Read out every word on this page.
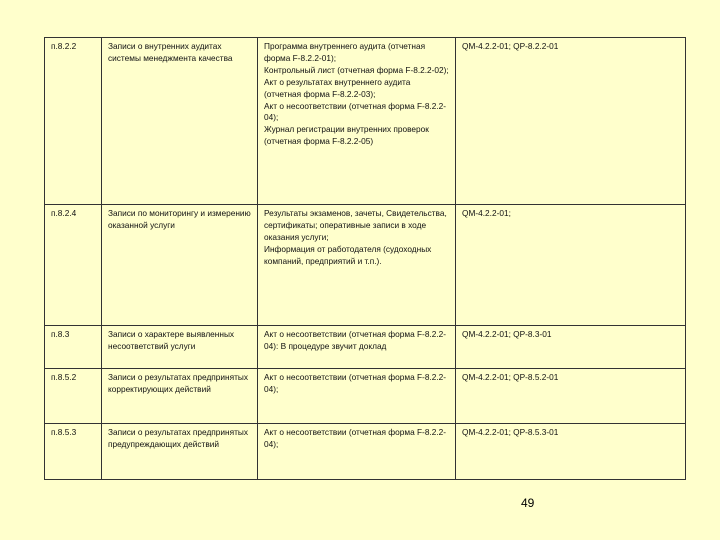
п.8.2.2	Записи о внутренних аудитах системы менеджмента качества	Программа внутреннего аудита (отчетная форма F-8.2.2-01);
Контрольный лист (отчетная форма F-8.2.2-02);
Акт о результатах внутреннего аудита (отчетная форма F-8.2.2-03);
Акт о несоответствии (отчетная форма F-8.2.2-04);
Журнал регистрации внутренних проверок (отчетная форма F-8.2.2-05)	QM-4.2.2-01; QP-8.2.2-01
п.8.2.4	Записи по мониторингу и измерению оказанной услуги	Результаты экзаменов, зачеты, Свидетельства, сертификаты; оперативные записи в ходе оказания услуги;
Информация от работодателя (судоходных компаний, предприятий и т.п.).	QM-4.2.2-01;
п.8.3	Записи о характере выявленных несоответствий услуги	Акт о несоответствии (отчетная форма F-8.2.2-04): В процедуре звучит доклад	QM-4.2.2-01; QP-8.3-01
п.8.5.2	Записи о результатах предпринятых корректирующих действий	Акт о несоответствии (отчетная форма F-8.2.2-04);	QM-4.2.2-01; QP-8.5.2-01
п.8.5.3	Записи о результатах предпринятых предупреждающих действий	Акт о несоответствии (отчетная форма F-8.2.2-04);	QM-4.2.2-01; QP-8.5.3-01
49
